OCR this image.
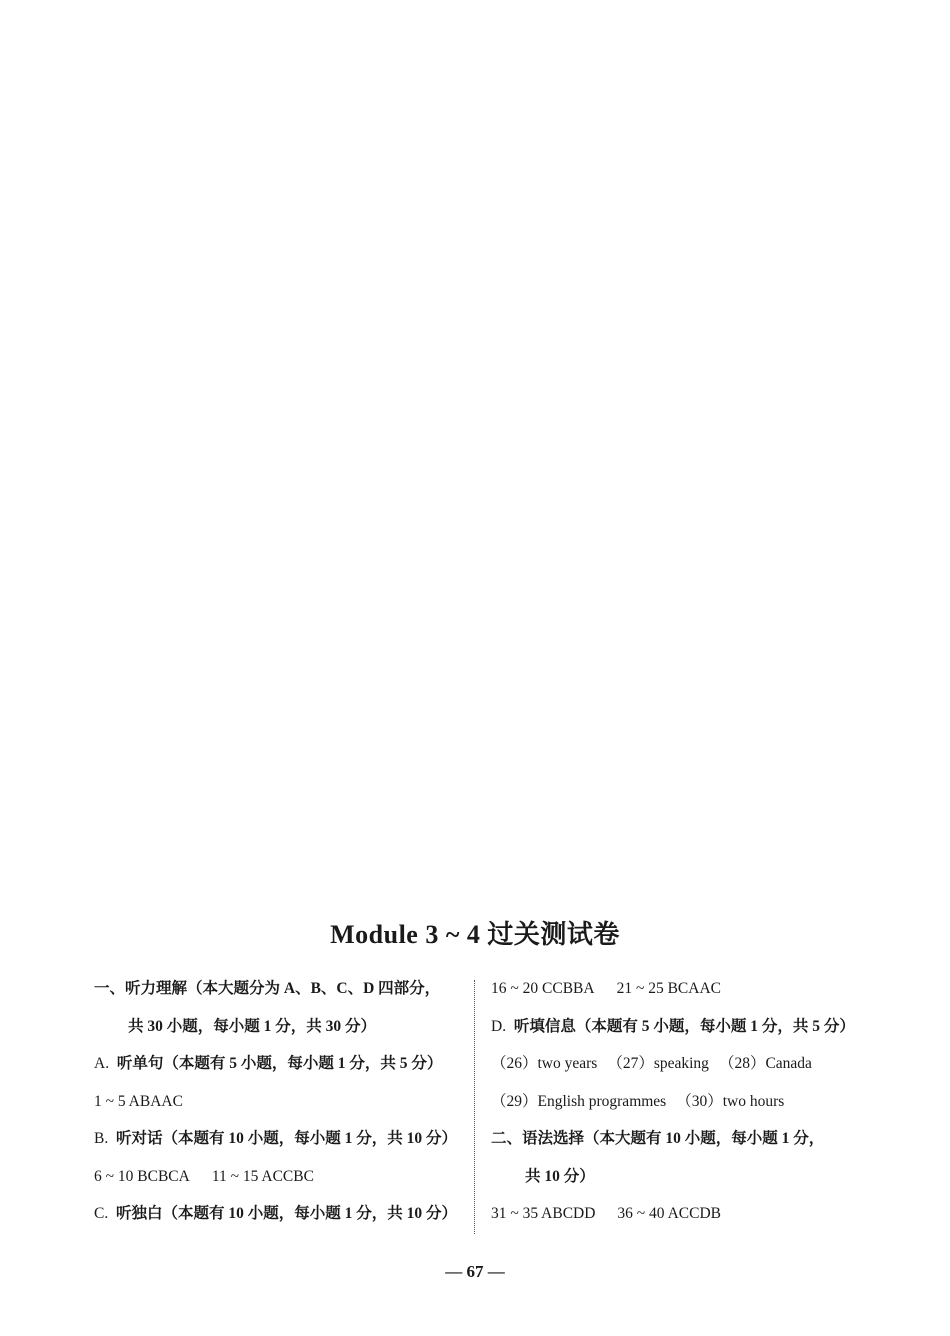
Module 3 ~ 4 过关测试卷
一、听力理解（本大题分为 A、B、C、D 四部分，
共 30 小题，每小题 1 分，共 30 分）
A. 听单句（本题有 5 小题，每小题 1 分，共 5 分）
1 ~ 5 ABAAC
B. 听对话（本题有 10 小题，每小题 1 分，共 10 分）
6 ~ 10 BCBCA 11 ~ 15 ACCBC
C. 听独白（本题有 10 小题，每小题 1 分，共 10 分）
16 ~ 20 CCBBA 21 ~ 25 BCAAC
D. 听填信息（本题有 5 小题，每小题 1 分，共 5 分）
（26）two years （27）speaking （28）Canada
（29）English programmes （30）two hours
二、语法选择（本大题有 10 小题，每小题 1 分，
共 10 分）
31 ~ 35 ABCDD 36 ~ 40 ACCDB
— 67 —
